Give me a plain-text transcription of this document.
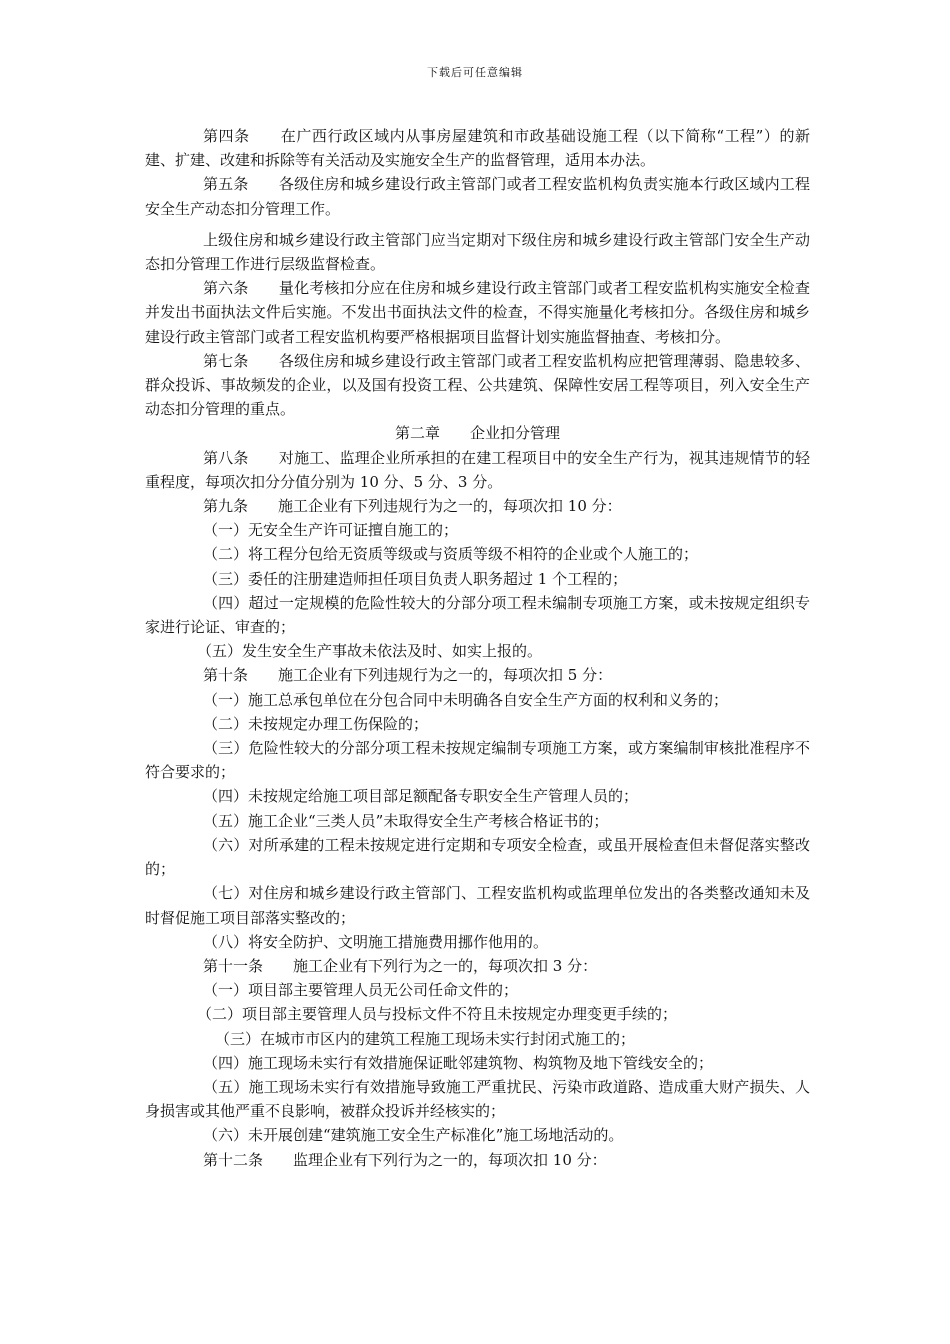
下载后可任意编辑

第四条　　在广西行政区域内从事房屋建筑和市政基础设施工程（以下简称“工程”）的新建、扩建、改建和拆除等有关活动及实施安全生产的监督管理，适用本办法。

第五条　　各级住房和城乡建设行政主管部门或者工程安监机构负责实施本行政区域内工程安全生产动态扣分管理工作。

上级住房和城乡建设行政主管部门应当定期对下级住房和城乡建设行政主管部门安全生产动态扣分管理工作进行层级监督检查。

第六条　　量化考核扣分应在住房和城乡建设行政主管部门或者工程安监机构实施安全检查并发出书面执法文件后实施。不发出书面执法文件的检查，不得实施量化考核扣分。各级住房和城乡建设行政主管部门或者工程安监机构要严格根据项目监督计划实施监督抽查、考核扣分。

第七条　　各级住房和城乡建设行政主管部门或者工程安监机构应把管理薄弱、隐患较多、群众投诉、事故频发的企业，以及国有投资工程、公共建筑、保障性安居工程等项目，列入安全生产动态扣分管理的重点。

第二章　　企业扣分管理

第八条　　对施工、监理企业所承担的在建工程项目中的安全生产行为，视其违规情节的轻重程度，每项次扣分分值分别为 10 分、5 分、3 分。

第九条　　施工企业有下列违规行为之一的，每项次扣 10 分：

（一）无安全生产许可证擅自施工的；

（二）将工程分包给无资质等级或与资质等级不相符的企业或个人施工的；

（三）委任的注册建造师担任项目负责人职务超过 1 个工程的；

（四）超过一定规模的危险性较大的分部分项工程未编制专项施工方案，或未按规定组织专家进行论证、审查的；

（五）发生安全生产事故未依法及时、如实上报的。

第十条　　施工企业有下列违规行为之一的，每项次扣 5 分：

（一）施工总承包单位在分包合同中未明确各自安全生产方面的权利和义务的；

（二）未按规定办理工伤保险的；

（三）危险性较大的分部分项工程未按规定编制专项施工方案，或方案编制审核批准程序不符合要求的；

（四）未按规定给施工项目部足额配备专职安全生产管理人员的；

（五）施工企业“三类人员”未取得安全生产考核合格证书的；

（六）对所承建的工程未按规定进行定期和专项安全检查，或虽开展检查但未督促落实整改的；

（七）对住房和城乡建设行政主管部门、工程安监机构或监理单位发出的各类整改通知未及时督促施工项目部落实整改的；

（八）将安全防护、文明施工措施费用挪作他用的。

第十一条　　施工企业有下列行为之一的，每项次扣 3 分：

（一）项目部主要管理人员无公司任命文件的；

（二）项目部主要管理人员与投标文件不符且未按规定办理变更手续的；

（三）在城市市区内的建筑工程施工现场未实行封闭式施工的；

（四）施工现场未实行有效措施保证毗邻建筑物、构筑物及地下管线安全的；

（五）施工现场未实行有效措施导致施工严重扰民、污染市政道路、造成重大财产损失、人身损害或其他严重不良影响，被群众投诉并经核实的；

（六）未开展创建“建筑施工安全生产标准化”施工场地活动的。

第十二条　　监理企业有下列行为之一的，每项次扣 10 分：
